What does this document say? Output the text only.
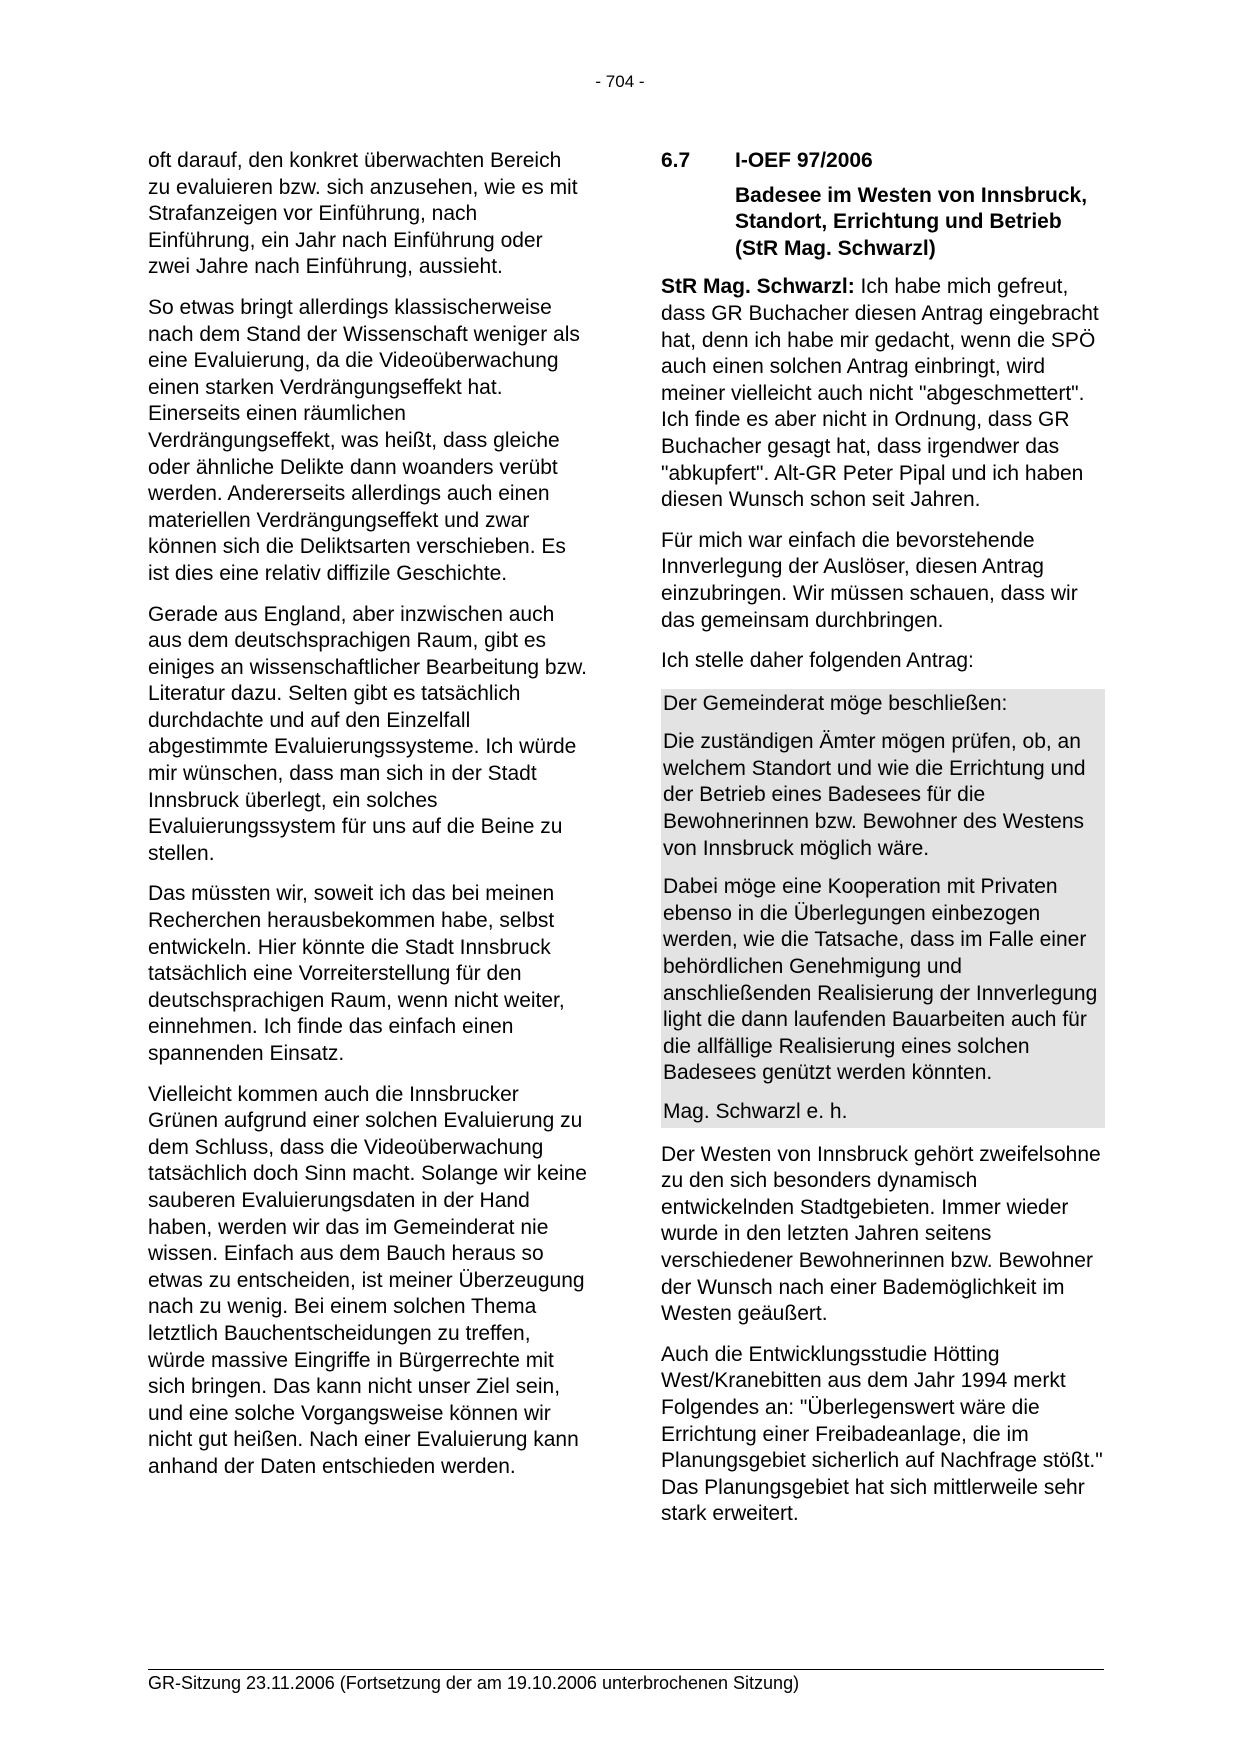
- 704 -

oft darauf, den konkret überwachten Bereich zu evaluieren bzw. sich anzusehen, wie es mit Strafanzeigen vor Einführung, nach Einführung, ein Jahr nach Einführung oder zwei Jahre nach Einführung, aussieht.

So etwas bringt allerdings klassischerweise nach dem Stand der Wissenschaft weniger als eine Evaluierung, da die Videoüberwachung einen starken Verdrängungseffekt hat. Einerseits einen räumlichen Verdrängungseffekt, was heißt, dass gleiche oder ähnliche Delikte dann woanders verübt werden. Andererseits allerdings auch einen materiellen Verdrängungseffekt und zwar können sich die Deliktsarten verschieben. Es ist dies eine relativ diffizile Geschichte.

Gerade aus England, aber inzwischen auch aus dem deutschsprachigen Raum, gibt es einiges an wissenschaftlicher Bearbeitung bzw. Literatur dazu. Selten gibt es tatsächlich durchdachte und auf den Einzelfall abgestimmte Evaluierungssysteme. Ich würde mir wünschen, dass man sich in der Stadt Innsbruck überlegt, ein solches Evaluierungssystem für uns auf die Beine zu stellen.

Das müssten wir, soweit ich das bei meinen Recherchen herausbekommen habe, selbst entwickeln. Hier könnte die Stadt Innsbruck tatsächlich eine Vorreiterstellung für den deutschsprachigen Raum, wenn nicht weiter, einnehmen. Ich finde das einfach einen spannenden Einsatz.

Vielleicht kommen auch die Innsbrucker Grünen aufgrund einer solchen Evaluierung zu dem Schluss, dass die Videoüberwachung tatsächlich doch Sinn macht. Solange wir keine sauberen Evaluierungsdaten in der Hand haben, werden wir das im Gemeinderat nie wissen. Einfach aus dem Bauch heraus so etwas zu entscheiden, ist meiner Überzeugung nach zu wenig. Bei einem solchen Thema letztlich Bauchentscheidungen zu treffen, würde massive Eingriffe in Bürgerrechte mit sich bringen. Das kann nicht unser Ziel sein, und eine solche Vorgangsweise können wir nicht gut heißen. Nach einer Evaluierung kann anhand der Daten entschieden werden.

6.7	I-OEF 97/2006
Badesee im Westen von Innsbruck, Standort, Errichtung und Betrieb (StR Mag. Schwarzl)

StR Mag. Schwarzl: Ich habe mich gefreut, dass GR Buchacher diesen Antrag eingebracht hat, denn ich habe mir gedacht, wenn die SPÖ auch einen solchen Antrag einbringt, wird meiner vielleicht auch nicht "abgeschmettert". Ich finde es aber nicht in Ordnung, dass GR Buchacher gesagt hat, dass irgendwer das "abkupfert". Alt-GR Peter Pipal und ich haben diesen Wunsch schon seit Jahren.

Für mich war einfach die bevorstehende Innverlegung der Auslöser, diesen Antrag einzubringen. Wir müssen schauen, dass wir das gemeinsam durchbringen.

Ich stelle daher folgenden Antrag:

Der Gemeinderat möge beschließen:

Die zuständigen Ämter mögen prüfen, ob, an welchem Standort und wie die Errichtung und der Betrieb eines Badesees für die Bewohnerinnen bzw. Bewohner des Westens von Innsbruck möglich wäre.

Dabei möge eine Kooperation mit Privaten ebenso in die Überlegungen einbezogen werden, wie die Tatsache, dass im Falle einer behördlichen Genehmigung und anschließenden Realisierung der Innverlegung light die dann laufenden Bauarbeiten auch für die allfällige Realisierung eines solchen Badesees genützt werden könnten.

Mag. Schwarzl e. h.

Der Westen von Innsbruck gehört zweifelsohne zu den sich besonders dynamisch entwickelnden Stadtgebieten. Immer wieder wurde in den letzten Jahren seitens verschiedener Bewohnerinnen bzw. Bewohner der Wunsch nach einer Bademöglichkeit im Westen geäußert.

Auch die Entwicklungsstudie Hötting West/Kranebitten aus dem Jahr 1994 merkt Folgendes an: "Überlegenswert wäre die Errichtung einer Freibadeanlage, die im Planungsgebiet sicherlich auf Nachfrage stößt." Das Planungsgebiet hat sich mittlerweile sehr stark erweitert.

GR-Sitzung 23.11.2006 (Fortsetzung der am 19.10.2006 unterbrochenen Sitzung)
